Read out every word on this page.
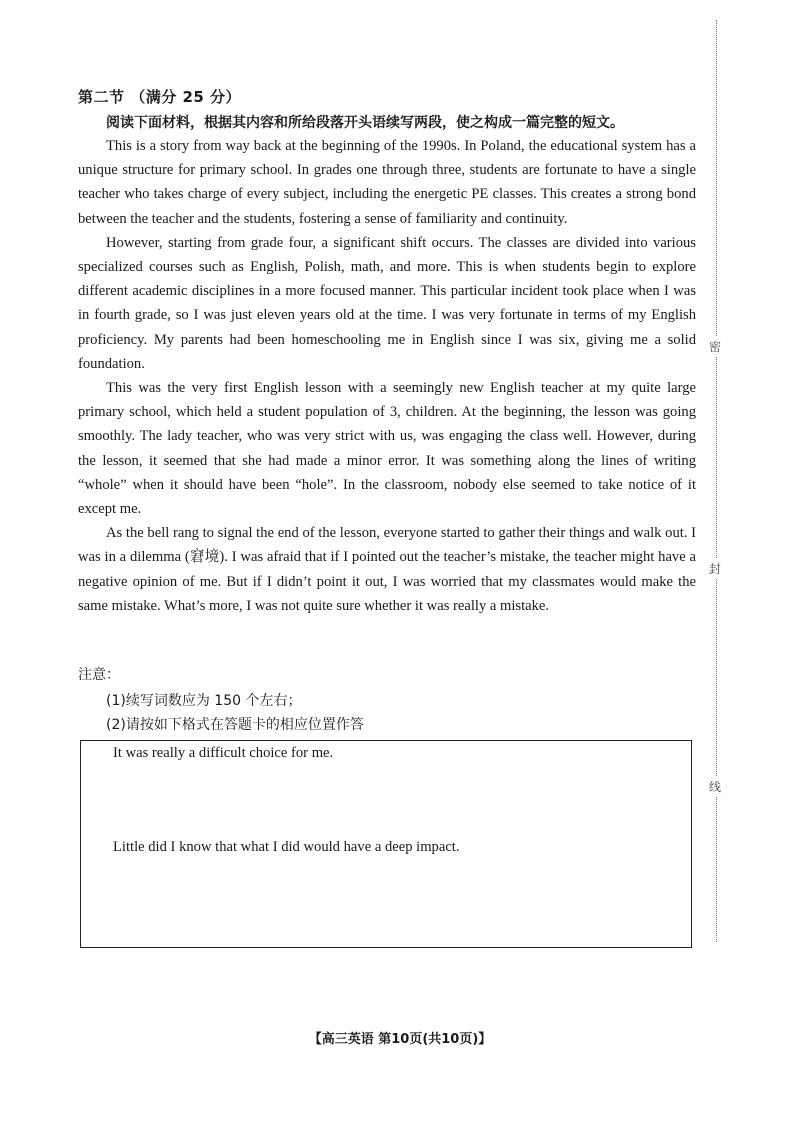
第二节 （满分 25 分）
阅读下面材料，根据其内容和所给段落开头语续写两段，使之构成一篇完整的短文。

This is a story from way back at the beginning of the 1990s. In Poland, the educational system has a unique structure for primary school. In grades one through three, students are fortunate to have a single teacher who takes charge of every subject, including the energetic PE classes. This creates a strong bond between the teacher and the students, fostering a sense of familiarity and continuity.

However, starting from grade four, a significant shift occurs. The classes are divided into various specialized courses such as English, Polish, math, and more. This is when students begin to explore different academic disciplines in a more focused manner. This particular incident took place when I was in fourth grade, so I was just eleven years old at the time. I was very fortunate in terms of my English proficiency. My parents had been homeschooling me in English since I was six, giving me a solid foundation.

This was the very first English lesson with a seemingly new English teacher at my quite large primary school, which held a student population of 3, children. At the beginning, the lesson was going smoothly. The lady teacher, who was very strict with us, was engaging the class well. However, during the lesson, it seemed that she had made a minor error. It was something along the lines of writing “whole” when it should have been “hole”. In the classroom, nobody else seemed to take notice of it except me.

As the bell rang to signal the end of the lesson, everyone started to gather their things and walk out. I was in a dilemma (窘境). I was afraid that if I pointed out the teacher’s mistake, the teacher might have a negative opinion of me. But if I didn’t point it out, I was worried that my classmates would make the same mistake. What’s more, I was not quite sure whether it was really a mistake.

注意：
(1)续写词数应为 150 个左右；
(2)请按如下格式在答题卡的相应位置作答
It was really a difficult choice for me.
Little did I know that what I did would have a deep impact.
密
封
线
【高三英语 第10页(共10页)】
